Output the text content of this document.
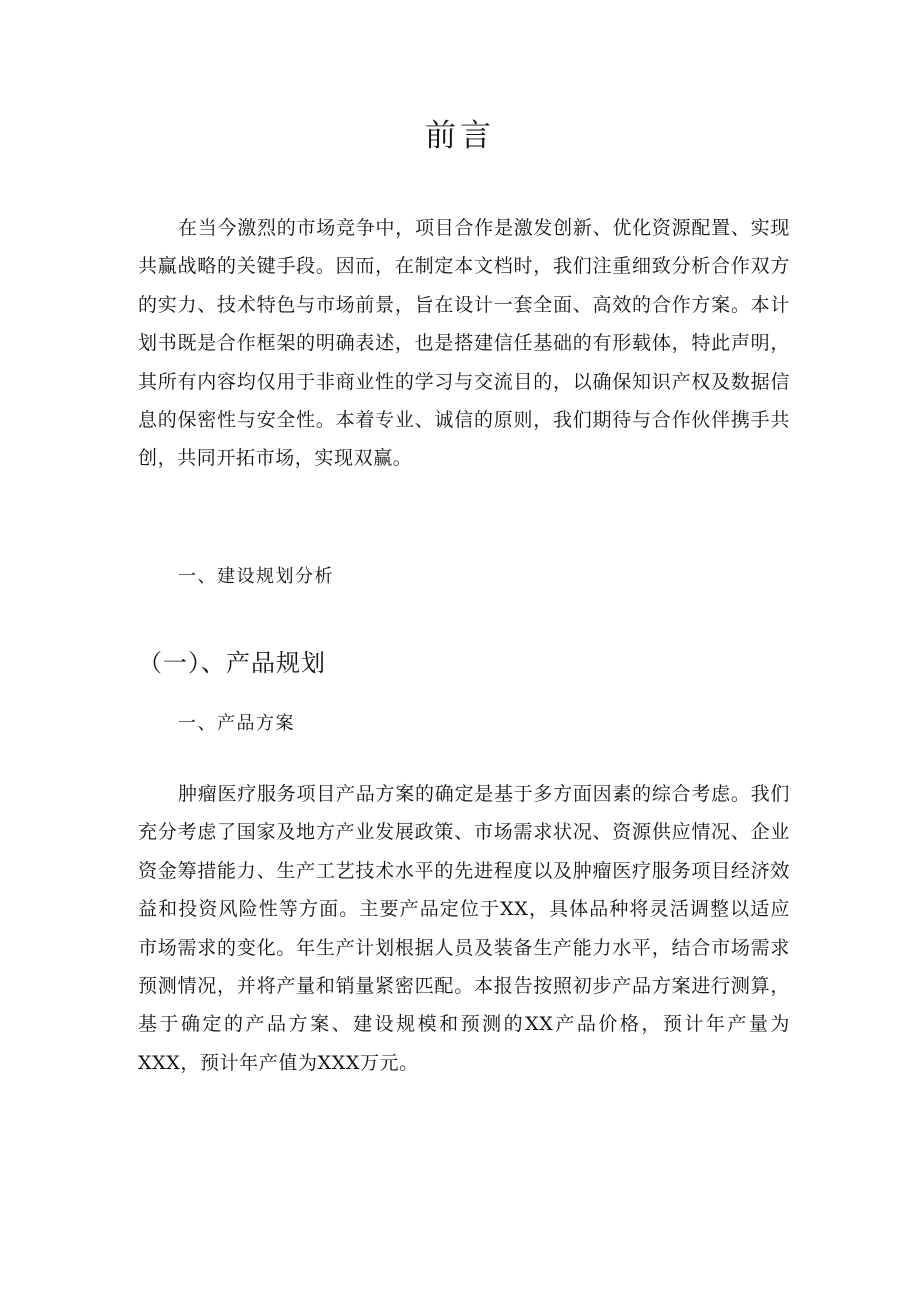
前言

在当今激烈的市场竞争中，项目合作是激发创新、优化资源配置、实现共赢战略的关键手段。因而，在制定本文档时，我们注重细致分析合作双方的实力、技术特色与市场前景，旨在设计一套全面、高效的合作方案。本计划书既是合作框架的明确表述，也是搭建信任基础的有形载体，特此声明，其所有内容均仅用于非商业性的学习与交流目的，以确保知识产权及数据信息的保密性与安全性。本着专业、诚信的原则，我们期待与合作伙伴携手共创，共同开拓市场，实现双赢。

一、建设规划分析
（一）、产品规划
一、产品方案

肿瘤医疗服务项目产品方案的确定是基于多方面因素的综合考虑。我们充分考虑了国家及地方产业发展政策、市场需求状况、资源供应情况、企业资金筹措能力、生产工艺技术水平的先进程度以及肿瘤医疗服务项目经济效益和投资风险性等方面。主要产品定位于XX，具体品种将灵活调整以适应市场需求的变化。年生产计划根据人员及装备生产能力水平，结合市场需求预测情况，并将产量和销量紧密匹配。本报告按照初步产品方案进行测算，基于确定的产品方案、建设规模和预测的XX产品价格，预计年产量为XXX，预计年产值为XXX万元。
